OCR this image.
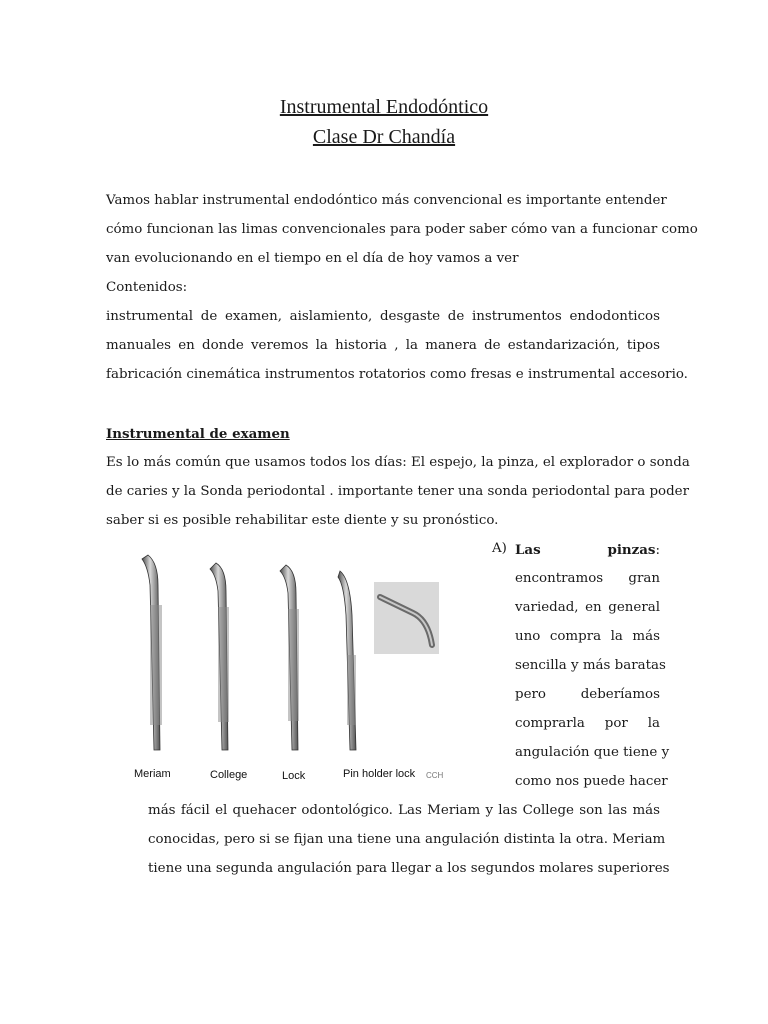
Instrumental Endodóntico
Clase Dr Chandía
Vamos hablar instrumental endodóntico más convencional es importante entender
cómo funcionan las limas convencionales para poder saber cómo van a funcionar como
van evolucionando en el tiempo en el día de hoy vamos a ver
Contenidos:
instrumental de examen, aislamiento, desgaste de instrumentos endodonticos
manuales en donde veremos la historia , la manera de estandarización, tipos
fabricación cinemática instrumentos rotatorios como fresas e instrumental accesorio.
Instrumental de examen
Es lo más común que usamos todos los días: El espejo, la pinza, el explorador o sonda
de caries y la Sonda periodontal . importante tener una sonda periodontal para poder
saber si es posible rehabilitar este diente y su pronóstico.
Meriam	College	Lock	Pin holder lock CCH
A) Las	pinzas:
encontramos gran
variedad, en general
uno compra la más
sencilla y más baratas
pero deberíamos
comprarla por la
angulación que tiene y
como nos puede hacer
más fácil el quehacer odontológico. Las Meriam y las College son las más
conocidas, pero si se fijan una tiene una angulación distinta la otra. Meriam
tiene una segunda angulación para llegar a los segundos molares superiores
